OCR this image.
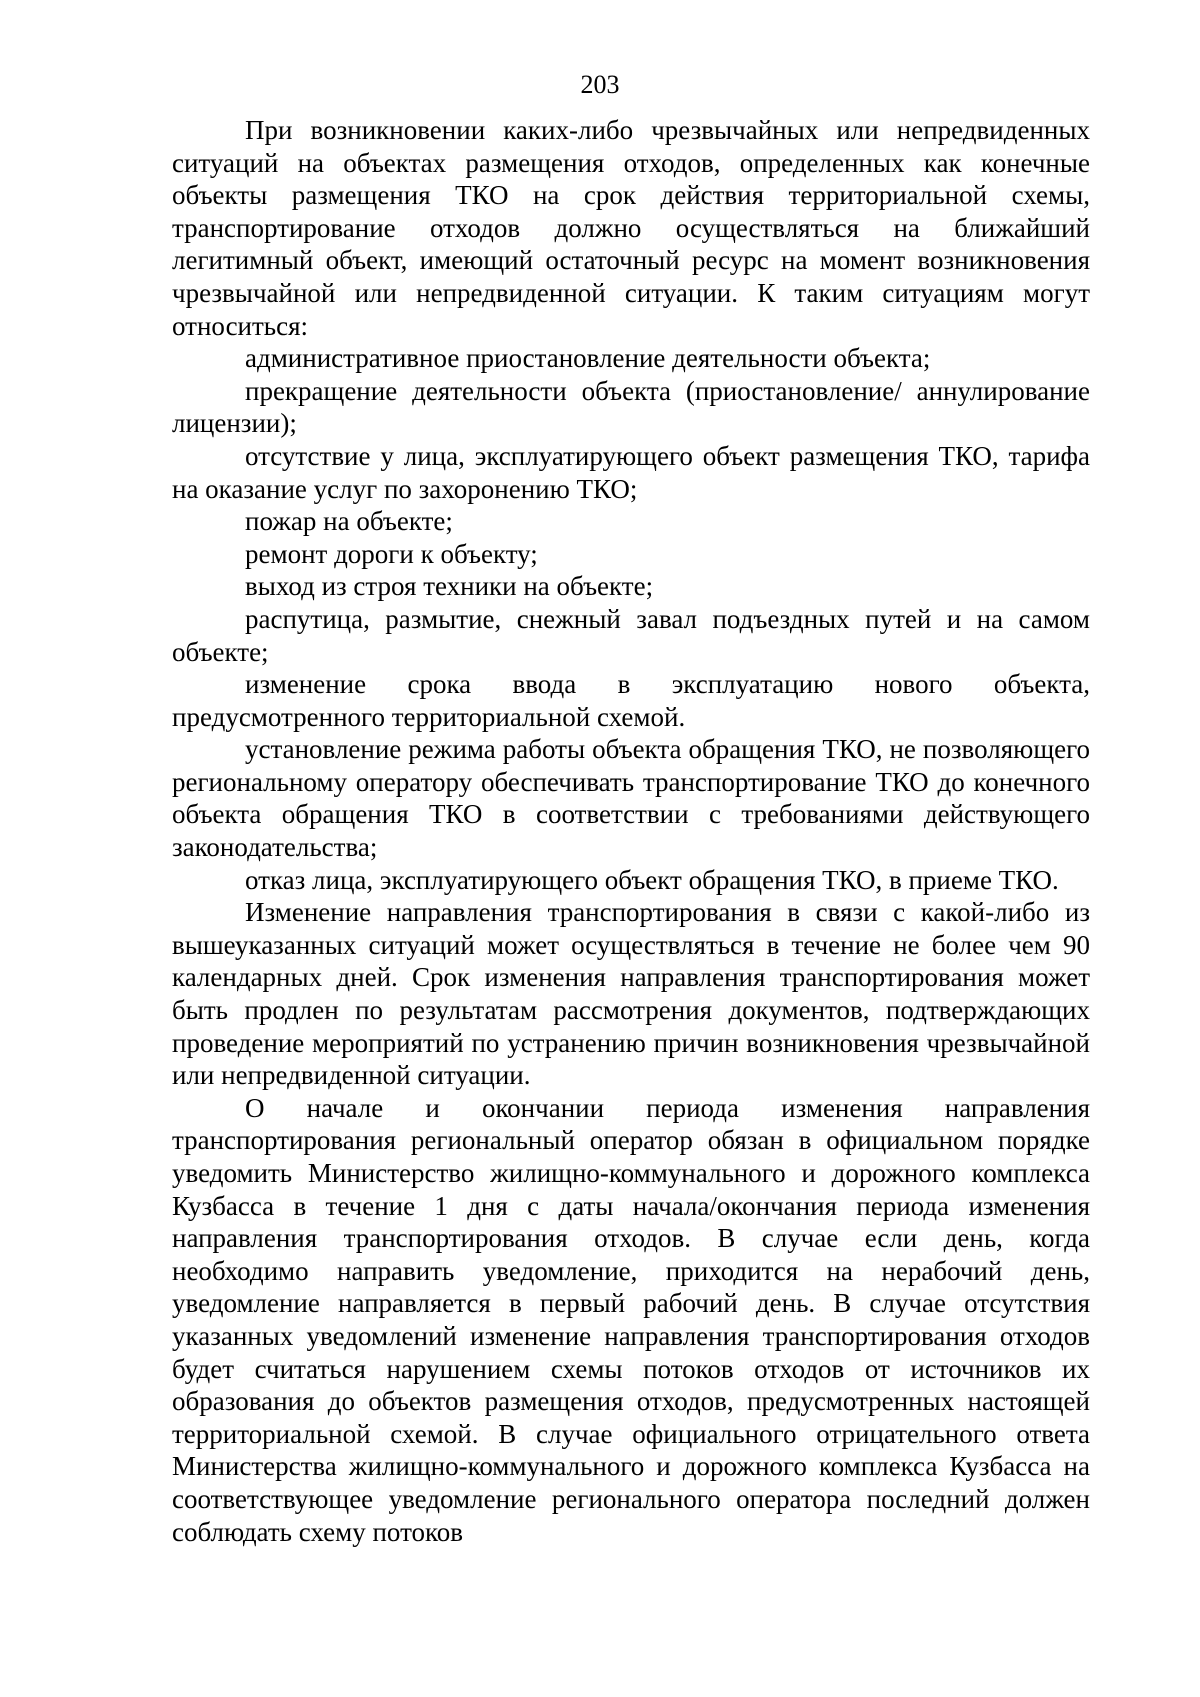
203

При возникновении каких-либо чрезвычайных или непредвиденных ситуаций на объектах размещения отходов, определенных как конечные объекты размещения ТКО на срок действия территориальной схемы, транспортирование отходов должно осуществляться на ближайший легитимный объект, имеющий остаточный ресурс на момент возникновения чрезвычайной или непредвиденной ситуации. К таким ситуациям могут относиться:

административное приостановление деятельности объекта;

прекращение деятельности объекта (приостановление/ аннулирование лицензии);

отсутствие у лица, эксплуатирующего объект размещения ТКО, тарифа на оказание услуг по захоронению ТКО;

пожар на объекте;

ремонт дороги к объекту;

выход из строя техники на объекте;

распутица, размытие, снежный завал подъездных путей и на самом объекте;

изменение срока ввода в эксплуатацию нового объекта, предусмотренного территориальной схемой.

установление режима работы объекта обращения ТКО, не позволяющего региональному оператору обеспечивать транспортирование ТКО до конечного объекта обращения ТКО в соответствии с требованиями действующего законодательства;

отказ лица, эксплуатирующего объект обращения ТКО, в приеме ТКО.

Изменение направления транспортирования в связи с какой-либо из вышеуказанных ситуаций может осуществляться в течение не более чем 90 календарных дней. Срок изменения направления транспортирования может быть продлен по результатам рассмотрения документов, подтверждающих проведение мероприятий по устранению причин возникновения чрезвычайной или непредвиденной ситуации.

О начале и окончании периода изменения направления транспортирования региональный оператор обязан в официальном порядке уведомить Министерство жилищно-коммунального и дорожного комплекса Кузбасса в течение 1 дня с даты начала/окончания периода изменения направления транспортирования отходов. В случае если день, когда необходимо направить уведомление, приходится на нерабочий день, уведомление направляется в первый рабочий день. В случае отсутствия указанных уведомлений изменение направления транспортирования отходов будет считаться нарушением схемы потоков отходов от источников их образования до объектов размещения отходов, предусмотренных настоящей территориальной схемой. В случае официального отрицательного ответа Министерства жилищно-коммунального и дорожного комплекса Кузбасса на соответствующее уведомление регионального оператора последний должен соблюдать схему потоков
